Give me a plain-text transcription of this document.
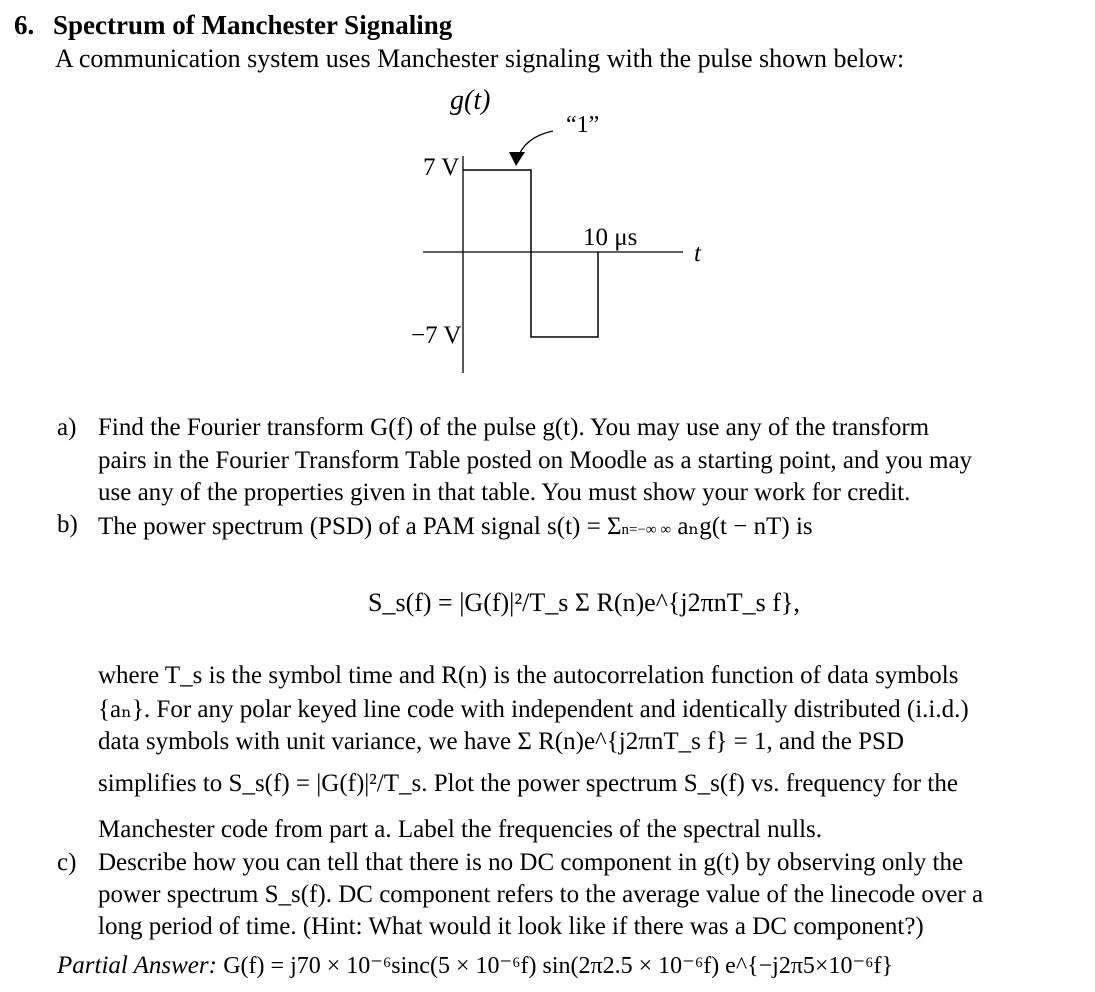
6. Spectrum of Manchester Signaling
A communication system uses Manchester signaling with the pulse shown below:
g(t)
“1”
7 V
10 μs
t
−7 V
a) Find the Fourier transform G(f) of the pulse g(t). You may use any of the transform
pairs in the Fourier Transform Table posted on Moodle as a starting point, and you may
use any of the properties given in that table. You must show your work for credit.
b) The power spectrum (PSD) of a PAM signal s(t) = Σn=−∞ ∞ aₙg(t − nT) is
S_s(f) = |G(f)|²/T_s Σ R(n)e^{j2πnT_s f},
where T_s is the symbol time and R(n) is the autocorrelation function of data symbols
{aₙ}. For any polar keyed line code with independent and identically distributed (i.i.d.)
data symbols with unit variance, we have Σ R(n)e^{j2πnT_s f} = 1, and the PSD
simplifies to S_s(f) = |G(f)|²/T_s. Plot the power spectrum S_s(f) vs. frequency for the
Manchester code from part a. Label the frequencies of the spectral nulls.
c) Describe how you can tell that there is no DC component in g(t) by observing only the
power spectrum S_s(f). DC component refers to the average value of the linecode over a
long period of time. (Hint: What would it look like if there was a DC component?)
Partial Answer: G(f) = j70 × 10⁻⁶sinc(5 × 10⁻⁶f) sin(2π2.5 × 10⁻⁶f) e^{−j2π5×10⁻⁶f}
